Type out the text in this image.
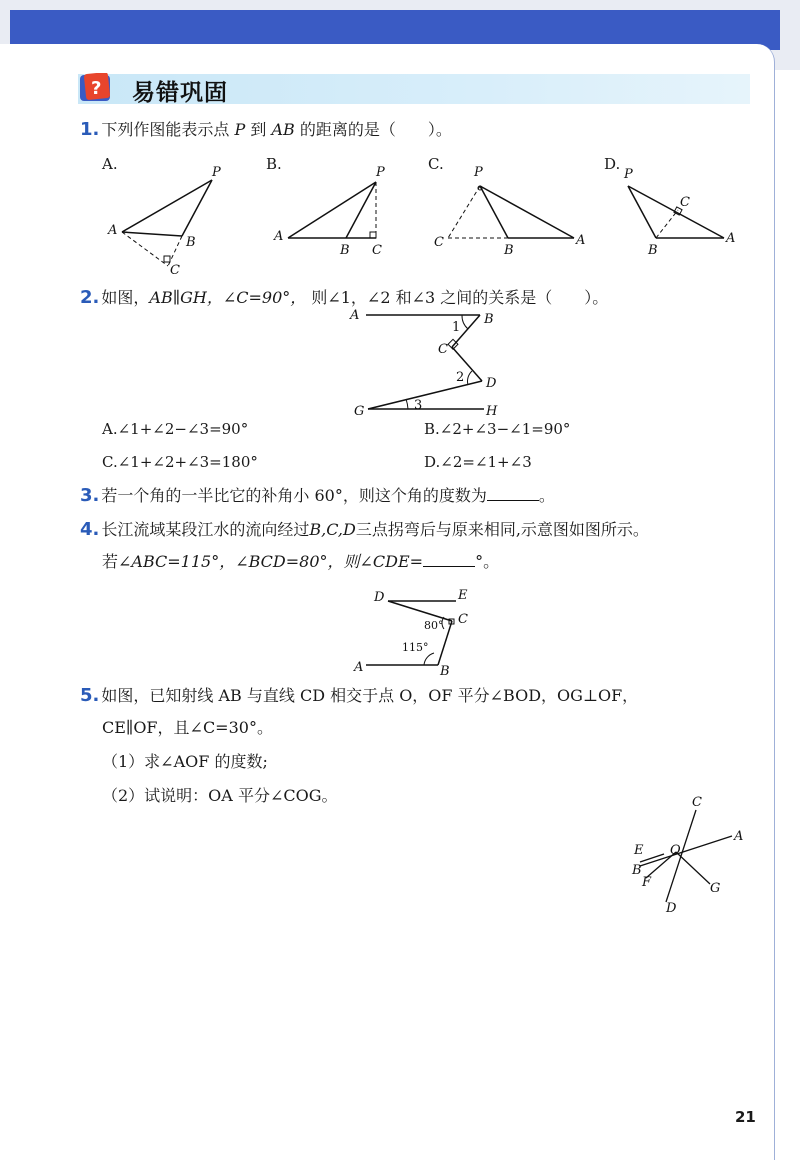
? 易错巩固
1. 下列作图能表示点 P 到 AB 的距离的是（　　）。
A.	B.	C.	D.
A
P
B
C
A
P
B C
P
C
B
A
P
C
B
A
2. 如图，AB∥GH，∠C=90°， 则∠1，∠2 和∠3 之间的关系是（　　）。
A	B
C
D
G	H
1
2
3
A.∠1+∠2−∠3=90°	B.∠2+∠3−∠1=90°
C.∠1+∠2+∠3=180°	D.∠2=∠1+∠3
3. 若一个角的一半比它的补角小 60°，则这个角的度数为	。
4. 长江流域某段江水的流向经过B,C,D三点拐弯后与原来相同,示意图如图所示。
若∠ABC=115°，∠BCD=80°，则∠CDE=	°。
A	B
C
D	E
80°
115°
5. 如图，已知射线 AB 与直线 CD 相交于点 O，OF 平分∠BOD，OG⊥OF，
CE∥OF，且∠C=30°。
（1）求∠AOF 的度数;
（2）试说明：OA 平分∠COG。	C
A
E O
B
F	G
D
21
